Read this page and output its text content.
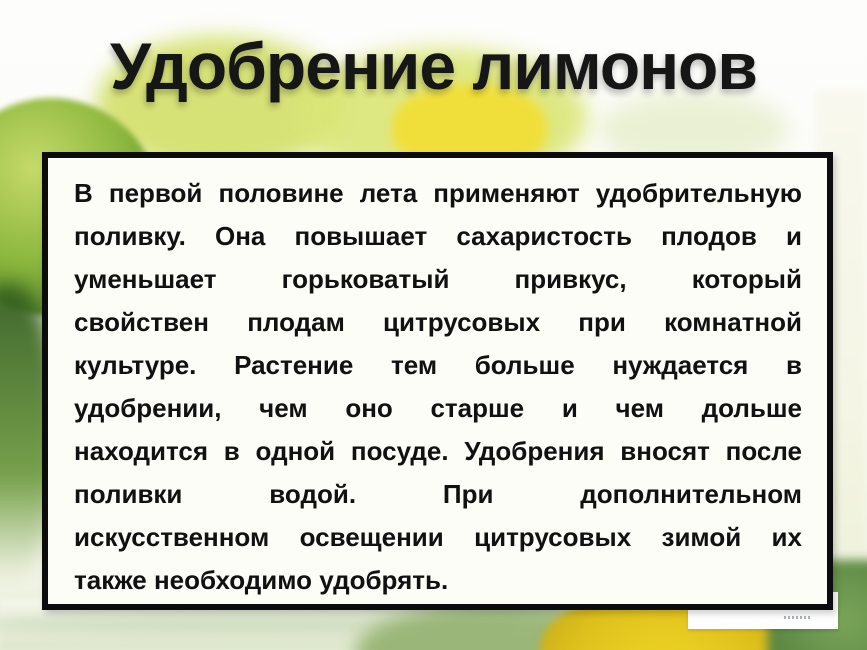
Удобрение лимонов
В первой половине лета применяют удобрительную
поливку. Она повышает сахаристость плодов и
уменьшает горьковатый привкус, который
свойствен плодам цитрусовых при комнатной
культуре. Растение тем больше нуждается в
удобрении, чем оно старше и чем дольше
находится в одной посуде. Удобрения вносят после
поливки водой. При дополнительном
искусственном освещении цитрусовых зимой их
также необходимо удобрять.
